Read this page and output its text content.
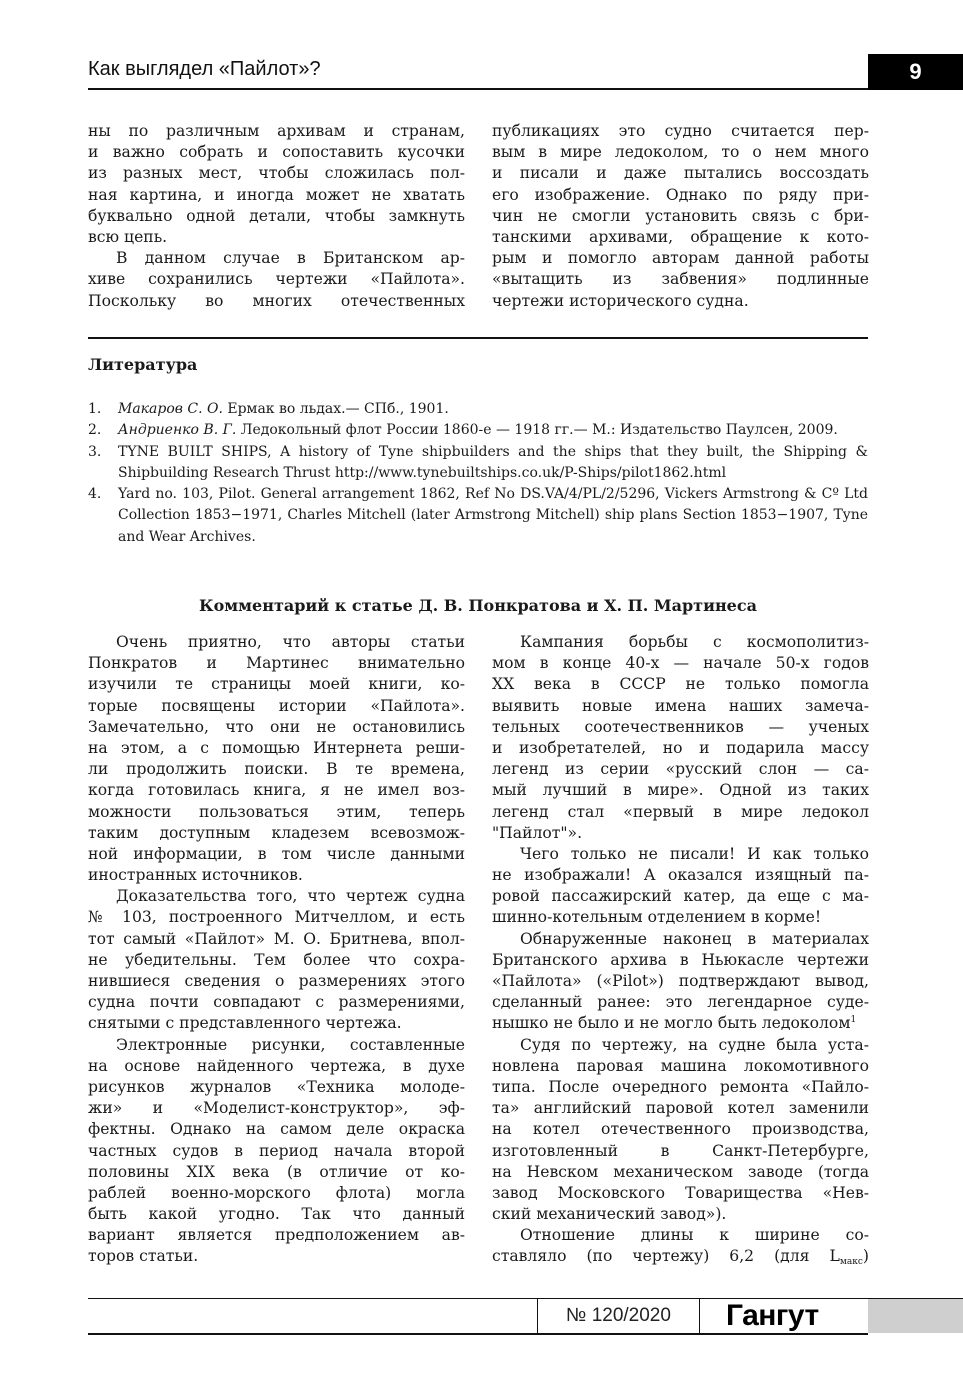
Как выглядел «Пайлот»?	9
ны по различным архивам и странам,
и важно собрать и сопоставить кусочки
из разных мест, чтобы сложилась пол-
ная картина, и иногда может не хватать
буквально одной детали, чтобы замкнуть
всю цепь.
В данном случае в Британском ар-
хиве сохранились чертежи «Пайлота».
Поскольку во многих отечественных
публикациях это судно считается пер-
вым в мире ледоколом, то о нем много
и писали и даже пытались воссоздать
его изображение. Однако по ряду при-
чин не смогли установить связь с бри-
танскими архивами, обращение к кото-
рым и помогло авторам данной работы
«вытащить из забвения» подлинные
чертежи исторического судна.
Литература
1. Макаров С. О. Ермак во льдах.— СПб., 1901.
2. Андриенко В. Г. Ледокольный флот России 1860-е — 1918 гг.— М.: Издательство Паулсен, 2009.
3. TYNE BUILT SHIPS, A history of Tyne shipbuilders and the ships that they built, the Shipping & Shipbuilding Research Thrust http://www.tynebuiltships.co.uk/P-Ships/pilot1862.html
4. Yard no. 103, Pilot. General arrangement 1862, Ref No DS.VA/4/PL/2/5296, Vickers Armstrong & Cº Ltd Collection 1853−1971, Charles Mitchell (later Armstrong Mitchell) ship plans Section 1853−1907, Tyne and Wear Archives.
Комментарий к статье Д. В. Понкратова и Х. П. Мартинеса
Очень приятно, что авторы статьи
Понкратов и Мартинес внимательно
изучили те страницы моей книги, ко-
торые посвящены истории «Пайлота».
Замечательно, что они не остановились
на этом, а с помощью Интернета реши-
ли продолжить поиски. В те времена,
когда готовилась книга, я не имел воз-
можности пользоваться этим, теперь
таким доступным кладезем всевозмож-
ной информации, в том числе данными
иностранных источников.
Доказательства того, что чертеж судна
№ 103, построенного Митчеллом, и есть
тот самый «Пайлот» М. О. Бритнева, впол-
не убедительны. Тем более что сохра-
нившиеся сведения о размерениях этого
судна почти совпадают с размерениями,
снятыми с представленного чертежа.
Электронные рисунки, составленные
на основе найденного чертежа, в духе
рисунков журналов «Техника молоде-
жи» и «Моделист-конструктор», эф-
фектны. Однако на самом деле окраска
частных судов в период начала второй
половины XIX века (в отличие от ко-
раблей военно-морского флота) могла
быть какой угодно. Так что данный
вариант является предположением ав-
торов статьи.
Кампания борьбы с космополитиз-
мом в конце 40-х — начале 50-х годов
XX века в СССР не только помогла
выявить новые имена наших замеча-
тельных соотечественников — ученых
и изобретателей, но и подарила массу
легенд из серии «русский слон — са-
мый лучший в мире». Одной из таких
легенд стал «первый в мире ледокол
"Пайлот"».
Чего только не писали! И как только
не изображали! А оказался изящный па-
ровой пассажирский катер, да еще с ма-
шинно-котельным отделением в корме!
Обнаруженные наконец в материалах
Британского архива в Ньюкасле чертежи
«Пайлота» («Pilot») подтверждают вывод,
сделанный ранее: это легендарное суде-
нышко не было и не могло быть ледоколом$^1$
Судя по чертежу, на судне была уста-
новлена паровая машина локомотивного
типа. После очередного ремонта «Пайло-
та» английский паровой котел заменили
на котел отечественного производства,
изготовленный в Санкт-Петербурге,
на Невском механическом заводе (тогда
завод Московского Товарищества «Нев-
ский механический завод»).
Отношение длины к ширине со-
ставляло (по чертежу) 6,2 (для $L_{макс}$)
№ 120/2020	Гангут
